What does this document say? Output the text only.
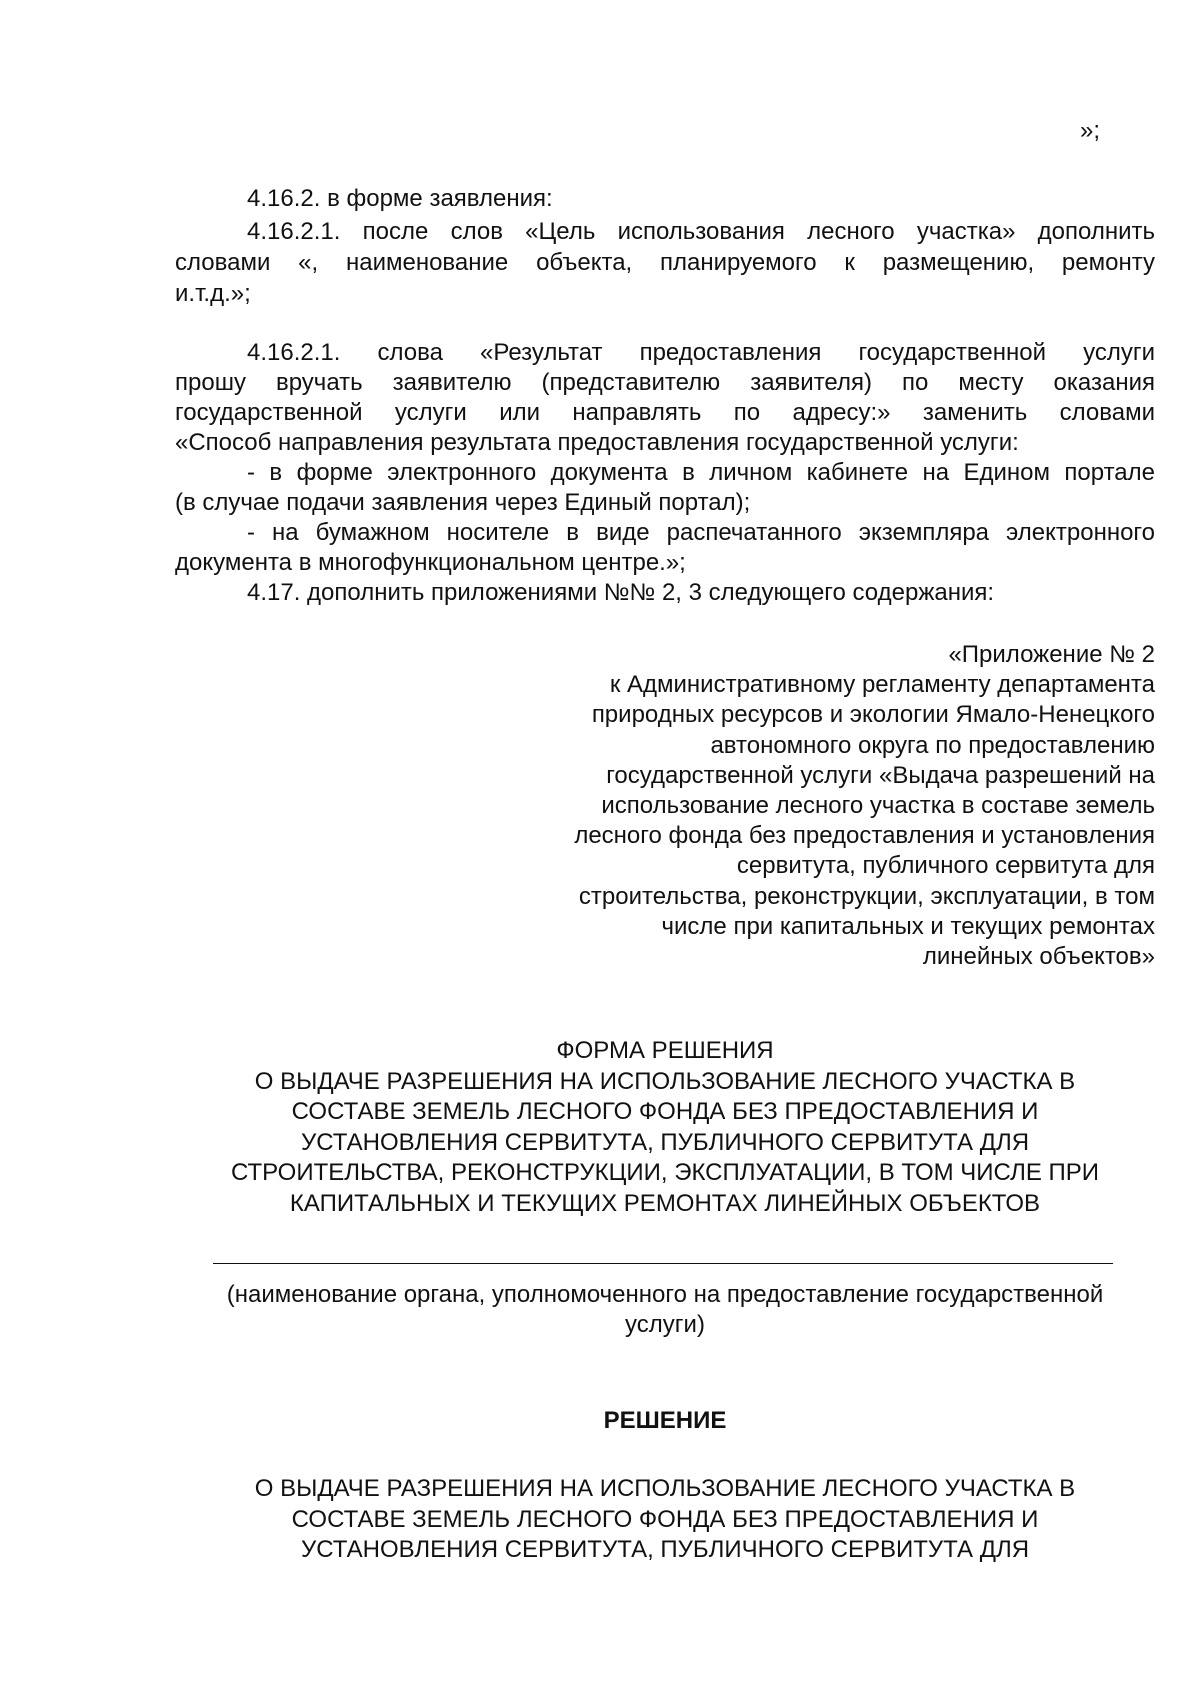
»;
4.16.2. в форме заявления:
4.16.2.1. после слов «Цель использования лесного участка» дополнить
словами «, наименование объекта, планируемого к размещению, ремонту
и.т.д.»;
4.16.2.1. слова «Результат предоставления государственной услуги
прошу вручать заявителю (представителю заявителя) по месту оказания
государственной услуги или направлять по адресу:» заменить словами
«Способ направления результата предоставления государственной услуги:
- в форме электронного документа в личном кабинете на Едином портале
(в случае подачи заявления через Единый портал);
- на бумажном носителе в виде распечатанного экземпляра электронного
документа в многофункциональном центре.»;
4.17. дополнить приложениями №№ 2, 3 следующего содержания:
«Приложение № 2
к Административному регламенту департамента
природных ресурсов и экологии Ямало-Ненецкого
автономного округа по предоставлению
государственной услуги «Выдача разрешений на
использование лесного участка в составе земель
лесного фонда без предоставления и установления
сервитута, публичного сервитута для
строительства, реконструкции, эксплуатации, в том
числе при капитальных и текущих ремонтах
линейных объектов»
ФОРМА РЕШЕНИЯ
О ВЫДАЧЕ РАЗРЕШЕНИЯ НА ИСПОЛЬЗОВАНИЕ ЛЕСНОГО УЧАСТКА В
СОСТАВЕ ЗЕМЕЛЬ ЛЕСНОГО ФОНДА БЕЗ ПРЕДОСТАВЛЕНИЯ И
УСТАНОВЛЕНИЯ СЕРВИТУТА, ПУБЛИЧНОГО СЕРВИТУТА ДЛЯ
СТРОИТЕЛЬСТВА, РЕКОНСТРУКЦИИ, ЭКСПЛУАТАЦИИ, В ТОМ ЧИСЛЕ ПРИ
КАПИТАЛЬНЫХ И ТЕКУЩИХ РЕМОНТАХ ЛИНЕЙНЫХ ОБЪЕКТОВ
(наименование органа, уполномоченного на предоставление государственной
услуги)
РЕШЕНИЕ
О ВЫДАЧЕ РАЗРЕШЕНИЯ НА ИСПОЛЬЗОВАНИЕ ЛЕСНОГО УЧАСТКА В
СОСТАВЕ ЗЕМЕЛЬ ЛЕСНОГО ФОНДА БЕЗ ПРЕДОСТАВЛЕНИЯ И
УСТАНОВЛЕНИЯ СЕРВИТУТА, ПУБЛИЧНОГО СЕРВИТУТА ДЛЯ
